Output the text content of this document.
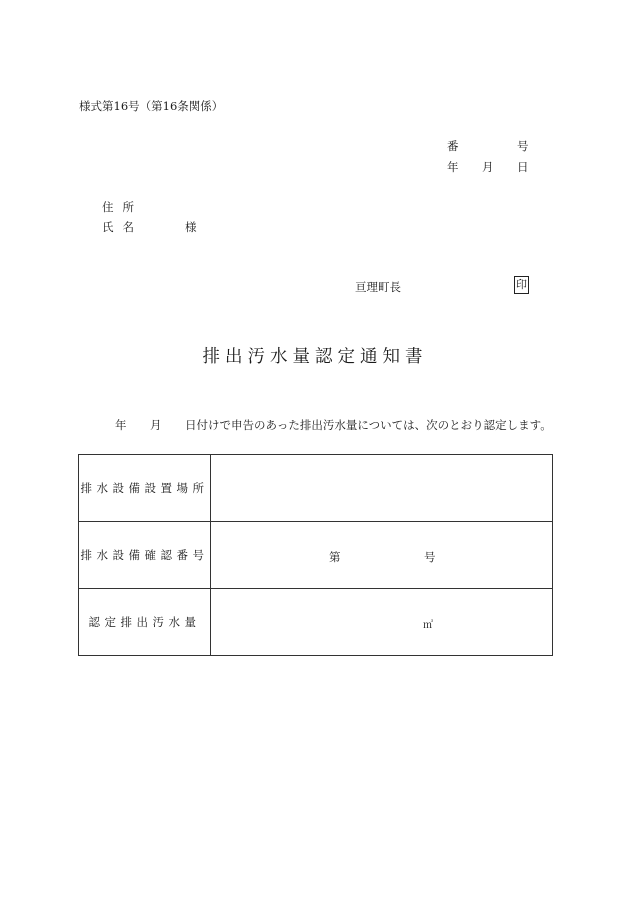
様式第16号（第16条関係）
番	号
年 月 日
住所
氏名	様
亘理町長	印
排出汚水量認定通知書
年 月 日付けで申告のあった排出汚水量については、次のとおり認定します。
排水設備設置場所	
排水設備確認番号	第 号

認定排出汚水量	㎥
